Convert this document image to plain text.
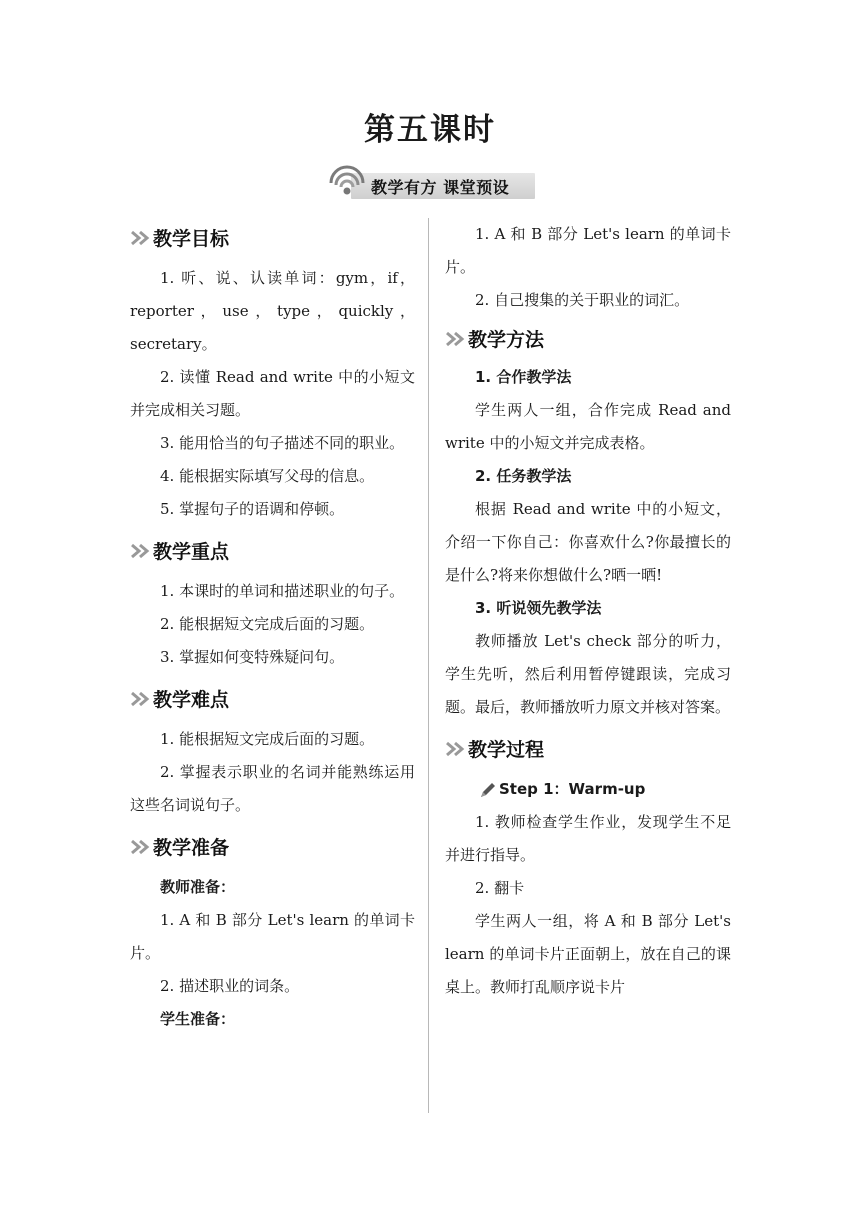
第五课时
教学有方 课堂预设
教学目标

1. 听、说、认读单词：gym，if，reporter，use，type，quickly，secretary。

2. 读懂 Read and write 中的小短文并完成相关习题。

3. 能用恰当的句子描述不同的职业。

4. 能根据实际填写父母的信息。

5. 掌握句子的语调和停顿。

教学重点

1. 本课时的单词和描述职业的句子。

2. 能根据短文完成后面的习题。

3. 掌握如何变特殊疑问句。

教学难点

1. 能根据短文完成后面的习题。

2. 掌握表示职业的名词并能熟练运用这些名词说句子。

教学准备

教师准备：

1. A 和 B 部分 Let's learn 的单词卡片。

2. 描述职业的词条。

学生准备：

1. A 和 B 部分 Let's learn 的单词卡片。

2. 自己搜集的关于职业的词汇。

教学方法

1. 合作教学法

学生两人一组，合作完成 Read and write 中的小短文并完成表格。

2. 任务教学法

根据 Read and write 中的小短文，介绍一下你自己：你喜欢什么?你最擅长的是什么?将来你想做什么?晒一晒!

3. 听说领先教学法

教师播放 Let's check 部分的听力，学生先听，然后利用暂停键跟读，完成习题。最后，教师播放听力原文并核对答案。

教学过程
Step 1：Warm-up

1. 教师检查学生作业，发现学生不足并进行指导。

2. 翻卡

学生两人一组，将 A 和 B 部分 Let's learn 的单词卡片正面朝上，放在自己的课桌上。教师打乱顺序说卡片
